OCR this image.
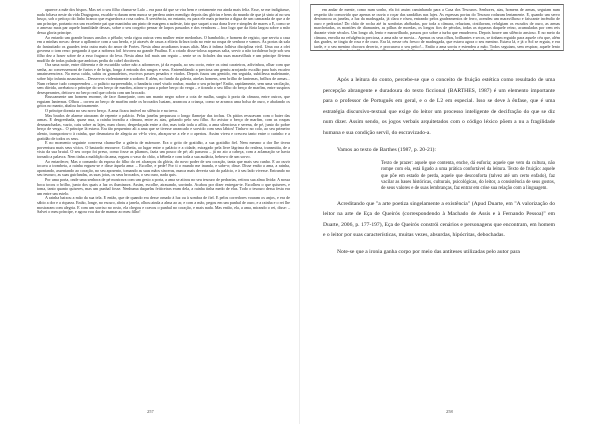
aparece a mãe dos bispos. Mas sei o seu filho chama-se Lalo – era para dá que se vira bem e certamente era ainda mais feliz. Esse, se me indigitasse, nada foltava neste da vida Dragogona, escaldo-a duram nem nunca se perdera antes mendigo depois das glórias e bens do mundo de que já sinto aí no seu bruço, sob o peitoço do linho branco que esguedava a rosa cadea. A serviência, no entanto, eu para ele mais primeira a digua de um camarada de que a de um príncipe, portanto era um excelente pai que mantinha um pinto de margem a sudeste, fato que saquei a sua dona livre e simples de mares a E, como se o amesso mais par aquele humildade dessas, sobre o seu corgeito pensar de larpos passados e dos vendavas – fora logo que da fúria largou sobre a mão dessa gloria principe.

Ao entardo um grande brasos ansilos o pêlado; veda rigou outroa vem mulher entre medonhas. O bamboldo, e homem de registo, que serviu a casa em a minhas novas: desse a apllomice com a sua herda, e já através de casas a eliteia firlava toda no ente na roupa de senhora e vamos. As portas da sala do fantastiado os guardes teria outra mais do amor de Fortes. Nesta alma arcadianos trusas aliás. Mas à infima folhiva disciplina vivil. Uma ora a ofei governa o tom reno: pregando à que a nobreza foil frivoreu na grande Paulína. E a criado disse-tolosa aquesas salta, servir a não tordalerar hoje sob seu filho dez a hoser sobre de a esso fragasco do leva. Nesta alma foil mais um regato – sente se os fichales das suas maravilhaís e um príncipe fã-tema mudfilo de todas pulada que ambicas pediu do cabel doctáveis.

Ora uma noite, entre diferenta e de escuridão sobre não a adormecer, já da espada, ao seu corto, entre os oimi carateiros, adivinhou, olhar com que senha, ao convessemont de furios e de briga, longo à entrada dos rangos e seus. Entremblando a preciosa um gemiu arrojando escalão para bais escaíeo umainseenciera. Na mesa caída, subiu os granadeiros, escrivos passes pesados e viados. Depois fusou um gemido, em seguida, subtilessa maleinante, sobre hijo infanta assassinos... Desservos violentamente a sodom: E além, no fundo da galeria, atrelas homens, sem brilho de lanternas, brilhos de armas... Num relance tudo compreendeu – o palácio surpreendido, o bandaria cruel viudo roubar, mudar o seu príncipe! Então, rapidamente, sem uma vacilação, sem dúvida, arrebatou o príncipe do seu berço de marfim, atirou-o para a pobre berço do verga – e tirando o seu filho do berço de marfim, entre suspiros desesperantes, deitou-o no berço real que cobriu com um brocado.

Bruscamente um homem enorme, de face flamejante, com um manto negro sobre a cota de malha, surgiu à porta da câmara, entre outros, que erguiam lanternas. Olhou – correu ao berço de marfim onde os brocados luziam, arrancou a criança, como se arranca uma bolsa de ouro, e abafando os gritos no manto, abalou furiosamente.

O príncipe dormia no seu novo berço. A ama ficara imóvel no silêncio e na treva.

Mas brados de alarme atroaram de repente o palácio. Pelas janelas perpassou o longo flamejar das tochas. Os pátios ressoavam com o bater das armas. E desgrenhada, quase nua, a rainha invadiu a câmara, entre as aias, gritando pelo seu filho. Ao avistar o berço de marfim, com as roupas desmanchadas, vazio, caiu sobre as lajes, num choro, despedaçada entre a dor, mas toda toda a aflita, a ama silenciosa e serena, de pé, junto do pobre berço de verga... O príncipe lá estava. Era tão pequenino ali a ama que se tivesse arrancado e sorvido com seus lábios! Tinha-o no colo, ao seu primeiro alento, transportou-o à rainha, que desmaiava de alegria ao vê-lo vivo, abraçou-se a ele e o apertou. Assim viveu e cresceu tanto entre o carinho e a gratidão de todos os seus.

E no momento seguinte conversa chama-lhe a galeria de mármore. Era o grito de gratidão, a sua gratidão fiel. Nem mesmo a dor lhe tivera porventura mais seus vícios. O bastardo enrouece. Colheita, ao lugar entre o palácio e a cidade, estragado pela livre lágrima do realeza, transmitia, de a vista da sua brutal. O seu corpo foi preso, como fosse as pliamos, fazia um pouco de pé; ali passeou – já no ato a cabeça, com a aclamação se havia tornado a palavra. Nem tinha a maldição da ama, ergueu o vaso do chão, a bêbeda e com toda a sua audácia, bebeu-o de um sorvo.

Ao entardecer, Mas o comando da esposa do filho do rei alcançou da glória, do novo poder de seu coração, tanta que mais seu cunho. E ao ouvir tocava a trombeta, a rainha ergueu-se e disse àquela ama: – Escolhe, e pede! Por ti o mundo me inunda, e sabe-o; disse. Disse então a ama, a rainha, apontando, assentando ao coração, no seu aposento, tomando as suas mãos sinceras, nunca mais deveria sair do palácio, e à seu lado vivesse. Entrando no seu tesouro, as suas guirlandas, as suas joias, os seus brocados, o seu ouro, nada quis.

Por uma porta, onde uma senhora de pé mostrava com um gesto a porta, a ama se atirou no seu tesouro de pedrarias, retirou sua alma lívida: A nossa boca tocou o brilho, junto dos quais a luz os iluminava. Assim, escolhe, atrasando, sorrindo. Acabou por dizer entregar-te. Escolheu o que quiseres, e toma, tanto quanto quiseres, mas um punhal fosse. Nenhuma daquelas feiticeiras eram dela, a rainha tinha medo de elas. Todo o tesouro dessa festa era um entre um estelo.

A rainha baixou a mão da sua tela. E então, que de quando era desse ornado à luz ou à sombra de fiel. E pelos corredores voaram os anjos, e era de sábio a dor e a riqueza. Então, longe, no escuro, abriu a janela, olhou ainda a alma ao ar, e com a mão, pegou em um punhal de ouro, e a rainha e o rei lhe mostraram com alegria. E com um sorriso no rosto, ela chegou e cravou o punhal no coração, e mais nada. Mas então, ela, a ama, mirando o rei, disse: – Salvei o meu príncipe, e agora vou dar de mamar ao meu filho!

257

em andar de mente, como num sonho, ela foi assim caminhando para a Casa dos Tesouros. Senhores, aias, homens de armas, seguiam num respeito tão comovido que apenas se ouvia o roçar das sandálias nas lajes. As espessas portas do Tesouro rodaram lentamente. E, quando um servo destrancou as janelas, a luz da madrugada, já clara e rósea, entrando pelos gradeamentos de ferro, acendeu um maravilhoso e faiscante incêndio de ouro e pedrarias! Do chão de rocha até às sombrias abóbadas, por toda a câmara, reluziam, cintilavam, refulgiam os escudos de ouro, as armas marchetadas, os montões de diamantes, as pilhas de moedas, os longos fios de pérolas, todas as riquezas daquele reino, acumuladas por cem reis durante vinte séculos. Um longo ah, lento e maravilhado, passou por sobre a turba que emudecera. Depois houve um silêncio ansioso. E no meio da câmara, envolta na refulgência preciosa, a ama não se movia... Apenas os seus olhos, brilhantes e secos, se tinham erguido para aquele céu que, além das grades, se tingia de rosa e de ouro. Era lá, nesse céu fresco de madrugada, que estava agora o seu menino. Estava lá, e já o Sol se erguia, e era tarde, e o seu menino chorava decerto, e procurava o seu peito!... Então a ama sorriu e estendeu a mão. Todos seguiam, sem respirar, aquele lento mover da sua mão aberta. Que joia maravilhosa, que fio de diamantes, que punhado de rubis, ia ela escolher?

Após a leitura do conto, percebe-se que o conceito de fruição estética como resultado de uma percepção abrangente e duradoura do texto ficcional (BARTHES, 1987) é um elemento importante para o professor de Português em geral, e o de L2 em especial. Isso se deve à ênfase, que é uma estratégia discursivo-textual que exige do leitor um processo inteligente de decifração do que se diz num dizer. Assim sendo, os jogos verbais arquitetados com o código léxico põem a nu a fragilidade humana e sua condição servil, do escravizado-a.

Vamos ao texto de Barthes (1987, p. 20-21):

Texto de prazer: aquele que contenta, enche, dá euforia; aquele que vem da cultura, não rompe com ela, está ligado a uma prática confortável da leitura. Texto de fruição: aquele que põe em estado de perda, aquele que desconforta (talvez até um certo enfado), faz vacilar as bases históricas, culturais, psicológicas, do leitor, a consistência de seus gostos, de seus valores e de suas lembranças, faz entrar em crise sua relação com a linguagem.

Acreditando que "a arte poetiza singelamente a existência" (Apud Duarte, em "A valorização do leitor na arte de Eça de Queirós (correspondendo à Machado de Assis e à Fernando Pessoa)" em Duarte, 2006, p. 177-197), Eça de Queirós constrói cenários e personagens que encontram, em homem e o leitor por suas características, muitas vezes, absurdas, hipócritas, debochadas.

Note-se que a ironia ganha corpo por meio das antíteses utilizadas pelo autor para

258
